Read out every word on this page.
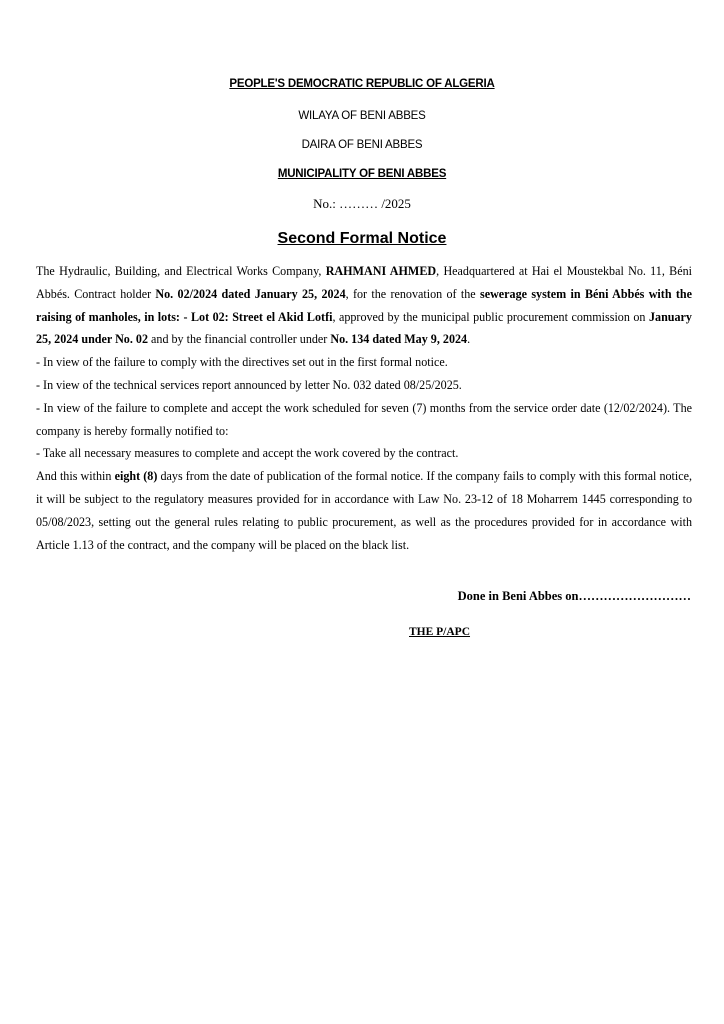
PEOPLE'S DEMOCRATIC REPUBLIC OF ALGERIA
WILAYA OF BENI ABBES
DAIRA OF BENI ABBES
MUNICIPALITY OF BENI ABBES
No.: ……… /2025
Second Formal Notice

The Hydraulic, Building, and Electrical Works Company, RAHMANI AHMED, Headquartered at Hai el Moustekbal No. 11, Béni Abbés. Contract holder No. 02/2024 dated January 25, 2024, for the renovation of the sewerage system in Béni Abbés with the raising of manholes, in lots: - Lot 02: Street el Akid Lotfi, approved by the municipal public procurement commission on January 25, 2024 under No. 02 and by the financial controller under No. 134 dated May 9, 2024.

- In view of the failure to comply with the directives set out in the first formal notice.

- In view of the technical services report announced by letter No. 032 dated 08/25/2025.

- In view of the failure to complete and accept the work scheduled for seven (7) months from the service order date (12/02/2024). The company is hereby formally notified to:

- Take all necessary measures to complete and accept the work covered by the contract.

And this within eight (8) days from the date of publication of the formal notice. If the company fails to comply with this formal notice, it will be subject to the regulatory measures provided for in accordance with Law No. 23-12 of 18 Moharrem 1445 corresponding to 05/08/2023, setting out the general rules relating to public procurement, as well as the procedures provided for in accordance with Article 1.13 of the contract, and the company will be placed on the black list.

Done in Beni Abbes on………………………
THE P/APC
